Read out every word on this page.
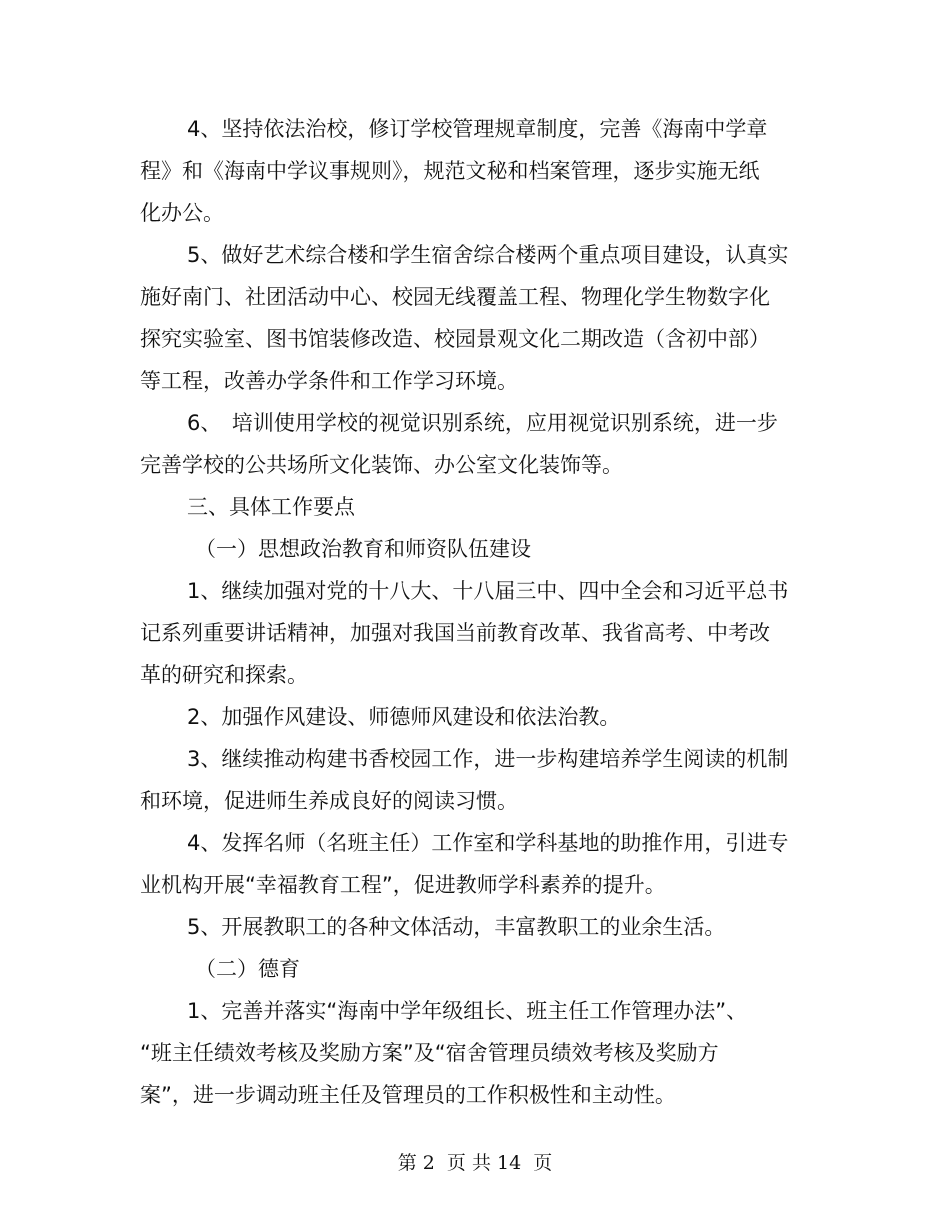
4、坚持依法治校，修订学校管理规章制度，完善《海南中学章
程》和《海南中学议事规则》，规范文秘和档案管理，逐步实施无纸
化办公。
5、做好艺术综合楼和学生宿舍综合楼两个重点项目建设，认真实
施好南门、社团活动中心、校园无线覆盖工程、物理化学生物数字化
探究实验室、图书馆装修改造、校园景观文化二期改造（含初中部）
等工程，改善办学条件和工作学习环境。
6、　培训使用学校的视觉识别系统，应用视觉识别系统，进一步
完善学校的公共场所文化装饰、办公室文化装饰等。
三、具体工作要点
（一）思想政治教育和师资队伍建设
1、继续加强对党的十八大、十八届三中、四中全会和习近平总书
记系列重要讲话精神，加强对我国当前教育改革、我省高考、中考改
革的研究和探索。
2、加强作风建设、师德师风建设和依法治教。
3、继续推动构建书香校园工作，进一步构建培养学生阅读的机制
和环境，促进师生养成良好的阅读习惯。
4、发挥名师（名班主任）工作室和学科基地的助推作用，引进专
业机构开展“幸福教育工程”，促进教师学科素养的提升。
5、开展教职工的各种文体活动，丰富教职工的业余生活。
（二）德育
1、完善并落实“海南中学年级组长、班主任工作管理办法”、
“班主任绩效考核及奖励方案”及“宿舍管理员绩效考核及奖励方
案”，进一步调动班主任及管理员的工作积极性和主动性。
第 2  页 共 14  页
